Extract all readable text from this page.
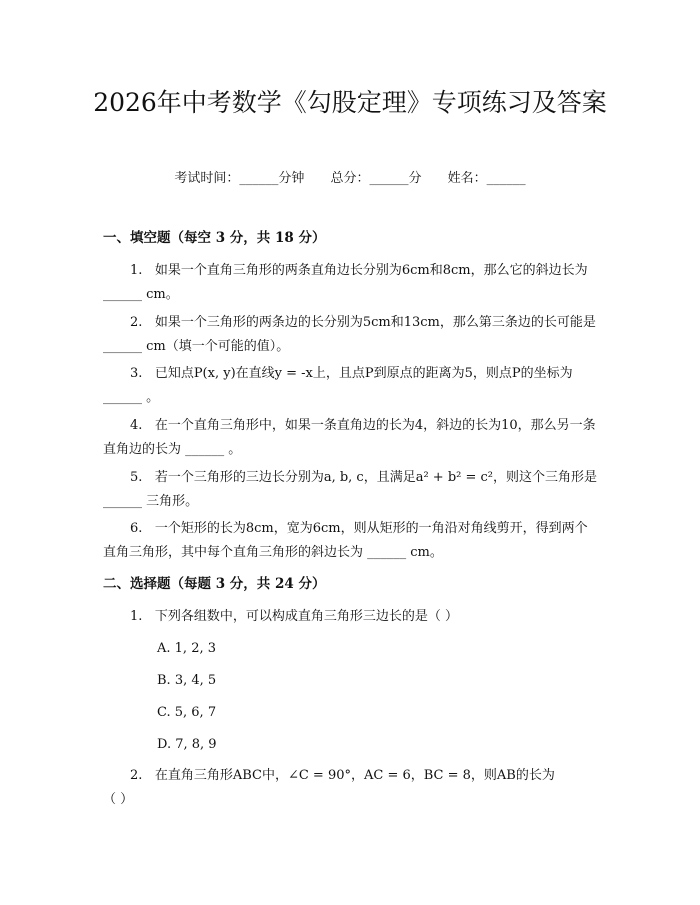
2026年中考数学《勾股定理》专项练习及答案
考试时间：______分钟 总分：______分 姓名：______
一、填空题（每空 3 分，共 18 分）

1. 如果一个直角三角形的两条直角边长分别为6cm和8cm，那么它的斜边长为 ______ cm。

2. 如果一个三角形的两条边的长分别为5cm和13cm，那么第三条边的长可能是 ______ cm（填一个可能的值）。

3. 已知点P(x, y)在直线y = -x上，且点P到原点的距离为5，则点P的坐标为 ______ 。

4. 在一个直角三角形中，如果一条直角边的长为4，斜边的长为10，那么另一条直角边的长为 ______ 。

5. 若一个三角形的三边长分别为a, b, c，且满足a² + b² = c²，则这个三角形是 ______ 三角形。

6. 一个矩形的长为8cm，宽为6cm，则从矩形的一角沿对角线剪开，得到两个直角三角形，其中每个直角三角形的斜边长为 ______ cm。

二、选择题（每题 3 分，共 24 分）

1. 下列各组数中，可以构成直角三角形三边长的是（ ）

A. 1, 2, 3

B. 3, 4, 5

C. 5, 6, 7

D. 7, 8, 9

2. 在直角三角形ABC中，∠C = 90°，AC = 6，BC = 8，则AB的长为

（ ）
